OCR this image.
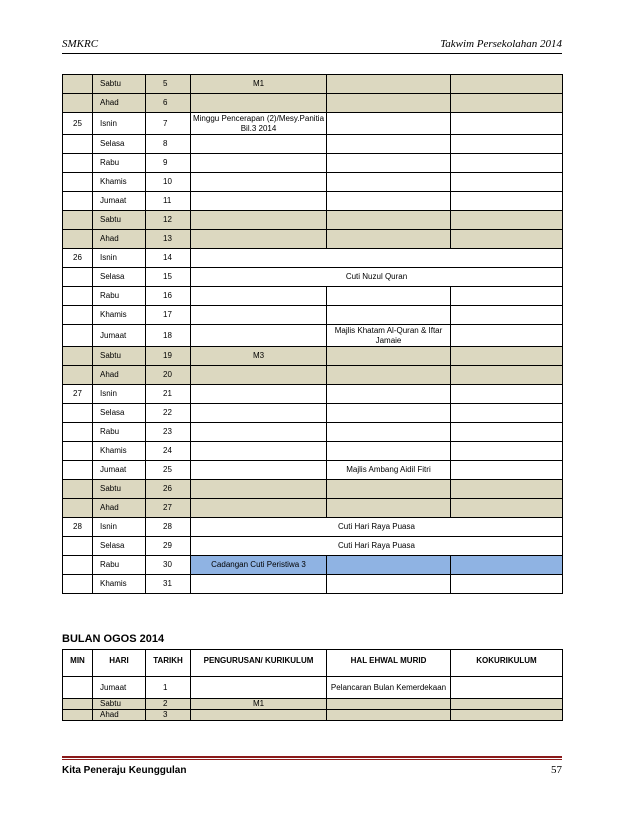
SMKRC	Takwim Persekolahan 2014
	Sabtu	5	M1		
	Ahad	6			
25	Isnin	7	Minggu Pencerapan (2)/Mesy.Panitia Bil.3 2014		
	Selasa	8			
	Rabu	9			
	Khamis	10			
	Jumaat	11			
	Sabtu	12			
	Ahad	13			
26	Isnin	14			
	Selasa	15	Cuti Nuzul Quran		
	Rabu	16			
	Khamis	17			
	Jumaat	18		Majlis Khatam Al-Quran & Iftar Jamaie	
	Sabtu	19	M3		
	Ahad	20			
27	Isnin	21			
	Selasa	22			
	Rabu	23			
	Khamis	24			
	Jumaat	25		Majlis Ambang Aidil Fitri	
	Sabtu	26			
	Ahad	27			
28	Isnin	28	Cuti Hari Raya Puasa		
	Selasa	29	Cuti Hari Raya Puasa		
	Rabu	30	Cadangan Cuti Peristiwa 3		
	Khamis	31			
BULAN OGOS 2014
MIN	HARI	TARIKH	PENGURUSAN/ KURIKULUM	HAL EHWAL MURID	KOKURIKULUM
	Jumaat	1		Pelancaran Bulan Kemerdekaan	
	Sabtu	2	M1		
	Ahad	3			
Kita Peneraju Keunggulan	57
